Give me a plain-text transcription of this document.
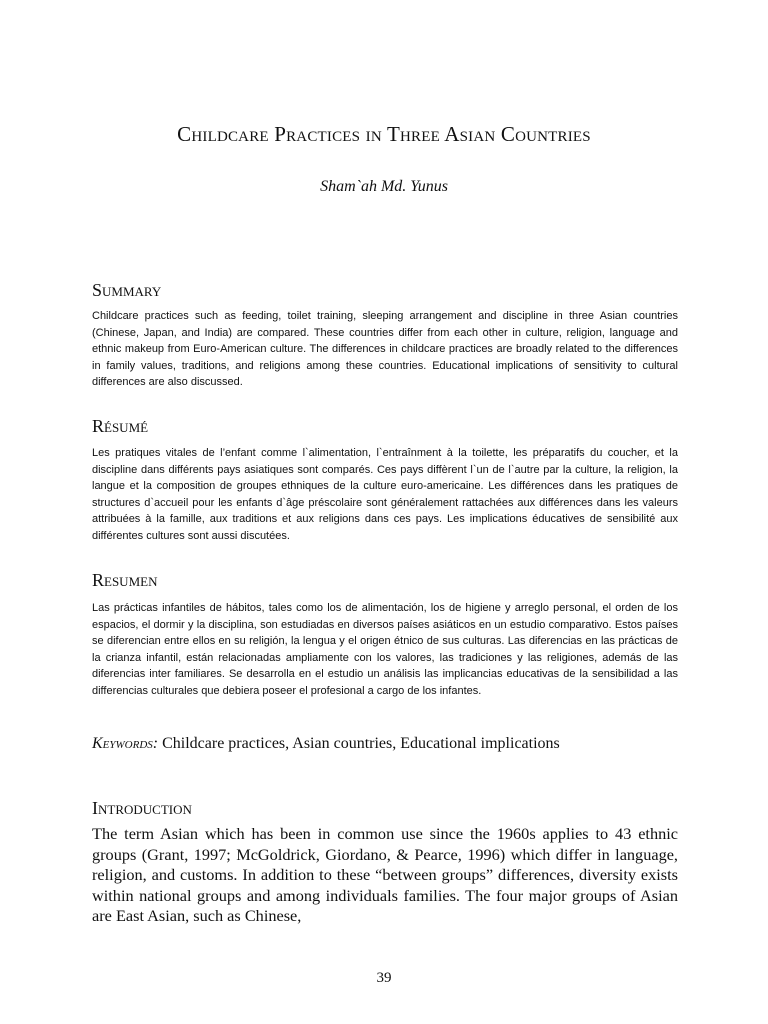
Childcare Practices in Three Asian Countries

Sham`ah Md. Yunus

Summary

Childcare practices such as feeding, toilet training, sleeping arrangement and discipline in three Asian countries (Chinese, Japan, and India) are compared. These countries differ from each other in culture, religion, language and ethnic makeup from Euro-American culture. The differences in childcare practices are broadly related to the differences in family values, traditions, and religions among these countries. Educational implications of sensitivity to cultural differences are also discussed.

Résumé

Les pratiques vitales de l’enfant comme l`alimentation, l`entraînment à la toilette, les préparatifs du coucher, et la discipline dans différents pays asiatiques sont comparés. Ces pays diffèrent l`un de l`autre par la culture, la religion, la langue et la composition de groupes ethniques de la culture euro-americaine. Les différences dans les pratiques de structures d`accueil pour les enfants d`âge préscolaire sont généralement rattachées aux différences dans les valeurs attribuées à la famille, aux traditions et aux religions dans ces pays. Les implications éducatives de sensibilité aux différentes cultures sont aussi discutées.

Resumen

Las prácticas infantiles de hábitos, tales como los de alimentación, los de higiene y arreglo personal, el orden de los espacios, el dormir y la disciplina, son estudiadas en diversos países asiáticos en un estudio comparativo. Estos países se diferencian entre ellos en su religión, la lengua y el origen étnico de sus culturas. Las diferencias en las prácticas de la crianza infantil, están relacionadas ampliamente con los valores, las tradiciones y las religiones, además de las diferencias inter familiares. Se desarrolla en el estudio un análisis las implicancias educativas de la sensibilidad a las differencias culturales que debiera poseer el profesional a cargo de los infantes.

Keywords: Childcare practices, Asian countries, Educational implications

Introduction

The term Asian which has been in common use since the 1960s applies to 43 ethnic groups (Grant, 1997; McGoldrick, Giordano, & Pearce, 1996) which differ in language, religion, and customs. In addition to these “between groups” differences, diversity exists within national groups and among individuals families. The four major groups of Asian are East Asian, such as Chinese,

39
